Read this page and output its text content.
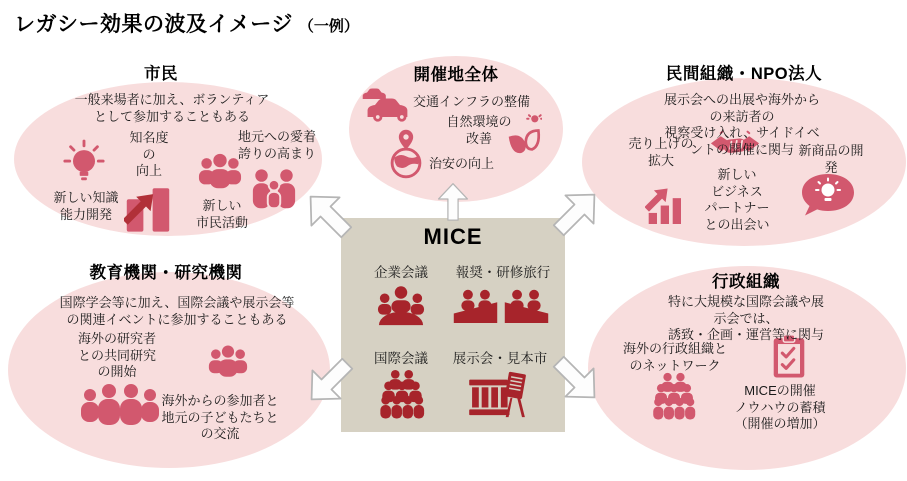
レガシー効果の波及イメージ （一例）
市民	開催地全体	民間組織・NPO法人
教育機関・研究機関	行政組織
MICE
企業会議 報奨・研修旅行
国際会議 展示会・見本市
一般来場者に加え、ボランティア
として参加することもある
新しい知識
能力開発
知名度
の
向上
新しい
市民活動
地元への愛着
誇りの高まり
交通インフラの整備
自然環境の
改善
治安の向上
展示会への出展や海外からの来訪者の
視察受け入れ、サイドイベントの開催に関与
売り上げの
拡大
新商品の開発
新しい
ビジネス
パートナー
との出会い
国際学会等に加え、国際会議や展示会等
の関連イベントに参加することもある
海外の研究者
との共同研究
の開始
海外からの参加者と
地元の子どもたちと
の交流
特に大規模な国際会議や展示会では、
誘致・企画・運営等に関与
海外の行政組織と
のネットワーク
MICEの開催
ノウハウの蓄積
（開催の増加）
